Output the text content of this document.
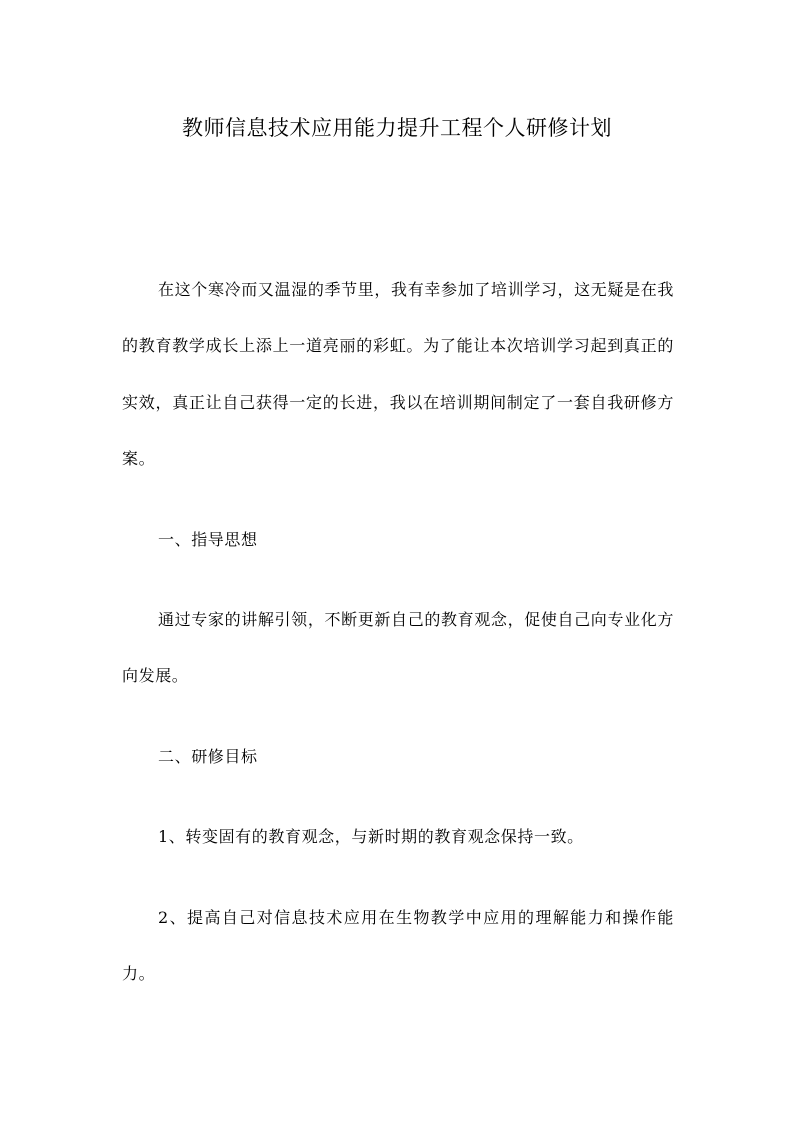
教师信息技术应用能力提升工程个人研修计划

在这个寒冷而又温湿的季节里，我有幸参加了培训学习，这无疑是在我的教育教学成长上添上一道亮丽的彩虹。为了能让本次培训学习起到真正的实效，真正让自己获得一定的长进，我以在培训期间制定了一套自我研修方案。

一、指导思想

通过专家的讲解引领，不断更新自己的教育观念，促使自己向专业化方向发展。

二、研修目标

1、转变固有的教育观念，与新时期的教育观念保持一致。

2、提高自己对信息技术应用在生物教学中应用的理解能力和操作能力。
